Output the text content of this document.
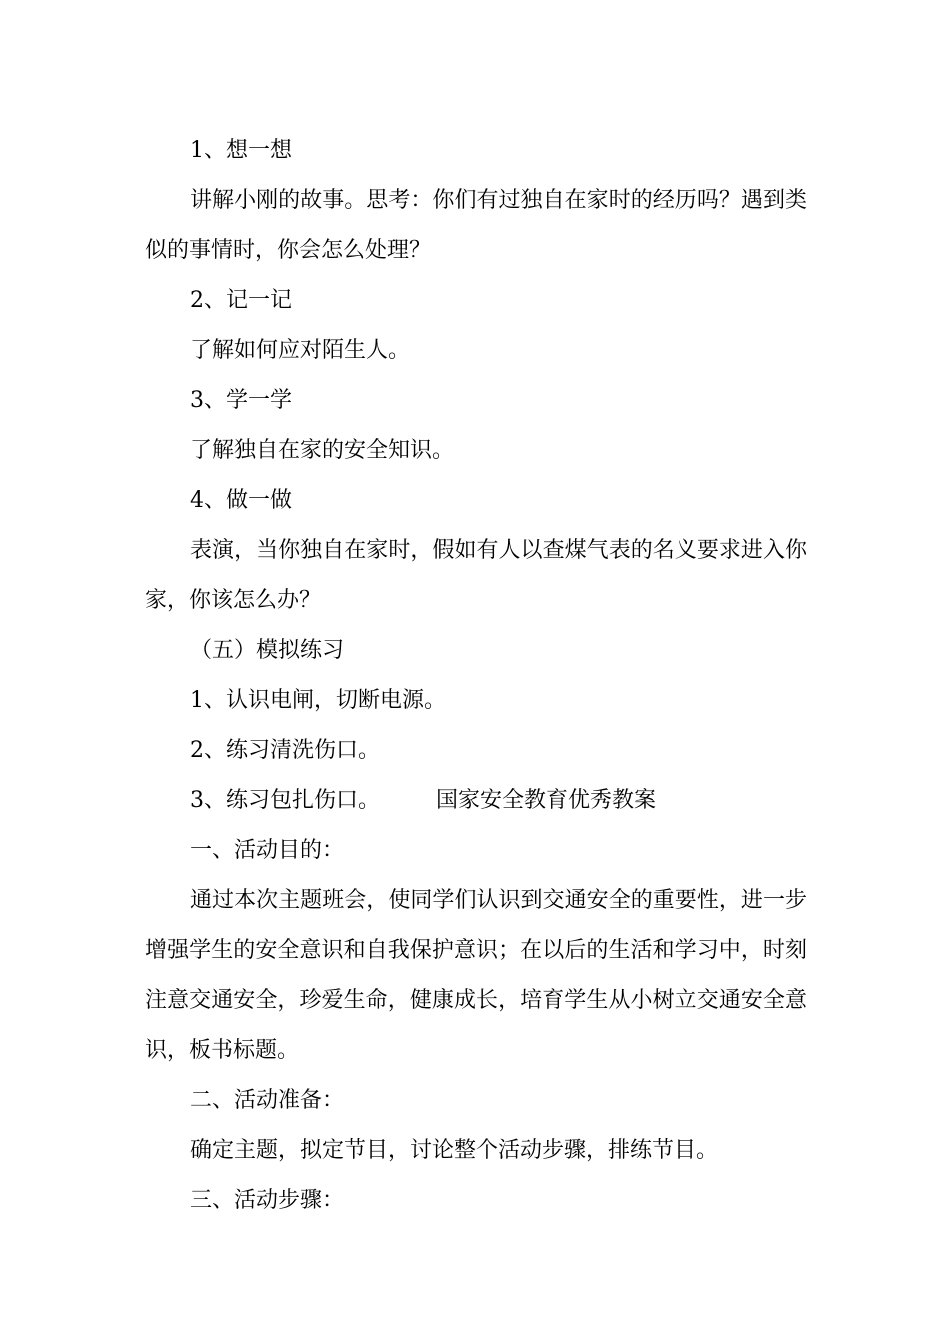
1、想一想

讲解小刚的故事。思考：你们有过独自在家时的经历吗？遇到类似的事情时，你会怎么处理？

2、记一记

了解如何应对陌生人。

3、学一学

了解独自在家的安全知识。

4、做一做

表演，当你独自在家时，假如有人以查煤气表的名义要求进入你家，你该怎么办？

（五）模拟练习

1、认识电闸，切断电源。

2、练习清洗伤口。

3、练习包扎伤口。	国家安全教育优秀教案

一、活动目的：

通过本次主题班会，使同学们认识到交通安全的重要性，进一步增强学生的安全意识和自我保护意识；在以后的生活和学习中，时刻注意交通安全，珍爱生命，健康成长，培育学生从小树立交通安全意识，板书标题。

二、活动准备：

确定主题，拟定节目，讨论整个活动步骤，排练节目。

三、活动步骤：
